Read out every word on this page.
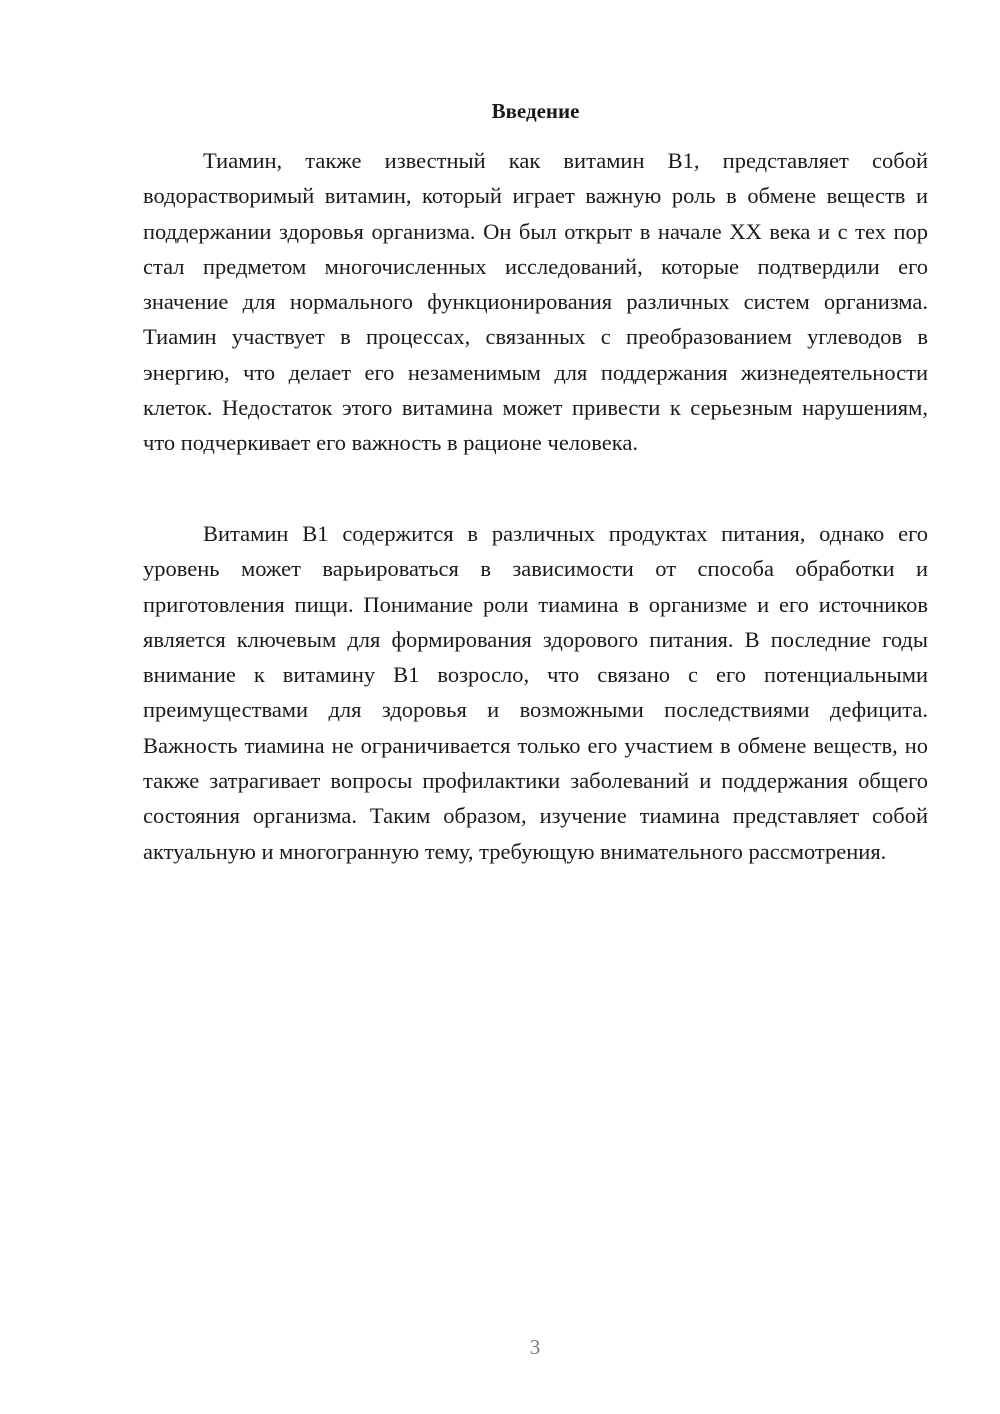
Введение

Тиамин, также известный как витамин B1, представляет собой водорастворимый витамин, который играет важную роль в обмене веществ и поддержании здоровья организма. Он был открыт в начале XX века и с тех пор стал предметом многочисленных исследований, которые подтвердили его значение для нормального функционирования различных систем организма. Тиамин участвует в процессах, связанных с преобразованием углеводов в энергию, что делает его незаменимым для поддержания жизнедеятельности клеток. Недостаток этого витамина может привести к серьезным нарушениям, что подчеркивает его важность в рационе человека.

Витамин B1 содержится в различных продуктах питания, однако его уровень может варьироваться в зависимости от способа обработки и приготовления пищи. Понимание роли тиамина в организме и его источников является ключевым для формирования здорового питания. В последние годы внимание к витамину B1 возросло, что связано с его потенциальными преимуществами для здоровья и возможными последствиями дефицита. Важность тиамина не ограничивается только его участием в обмене веществ, но также затрагивает вопросы профилактики заболеваний и поддержания общего состояния организма. Таким образом, изучение тиамина представляет собой актуальную и многогранную тему, требующую внимательного рассмотрения.

3
